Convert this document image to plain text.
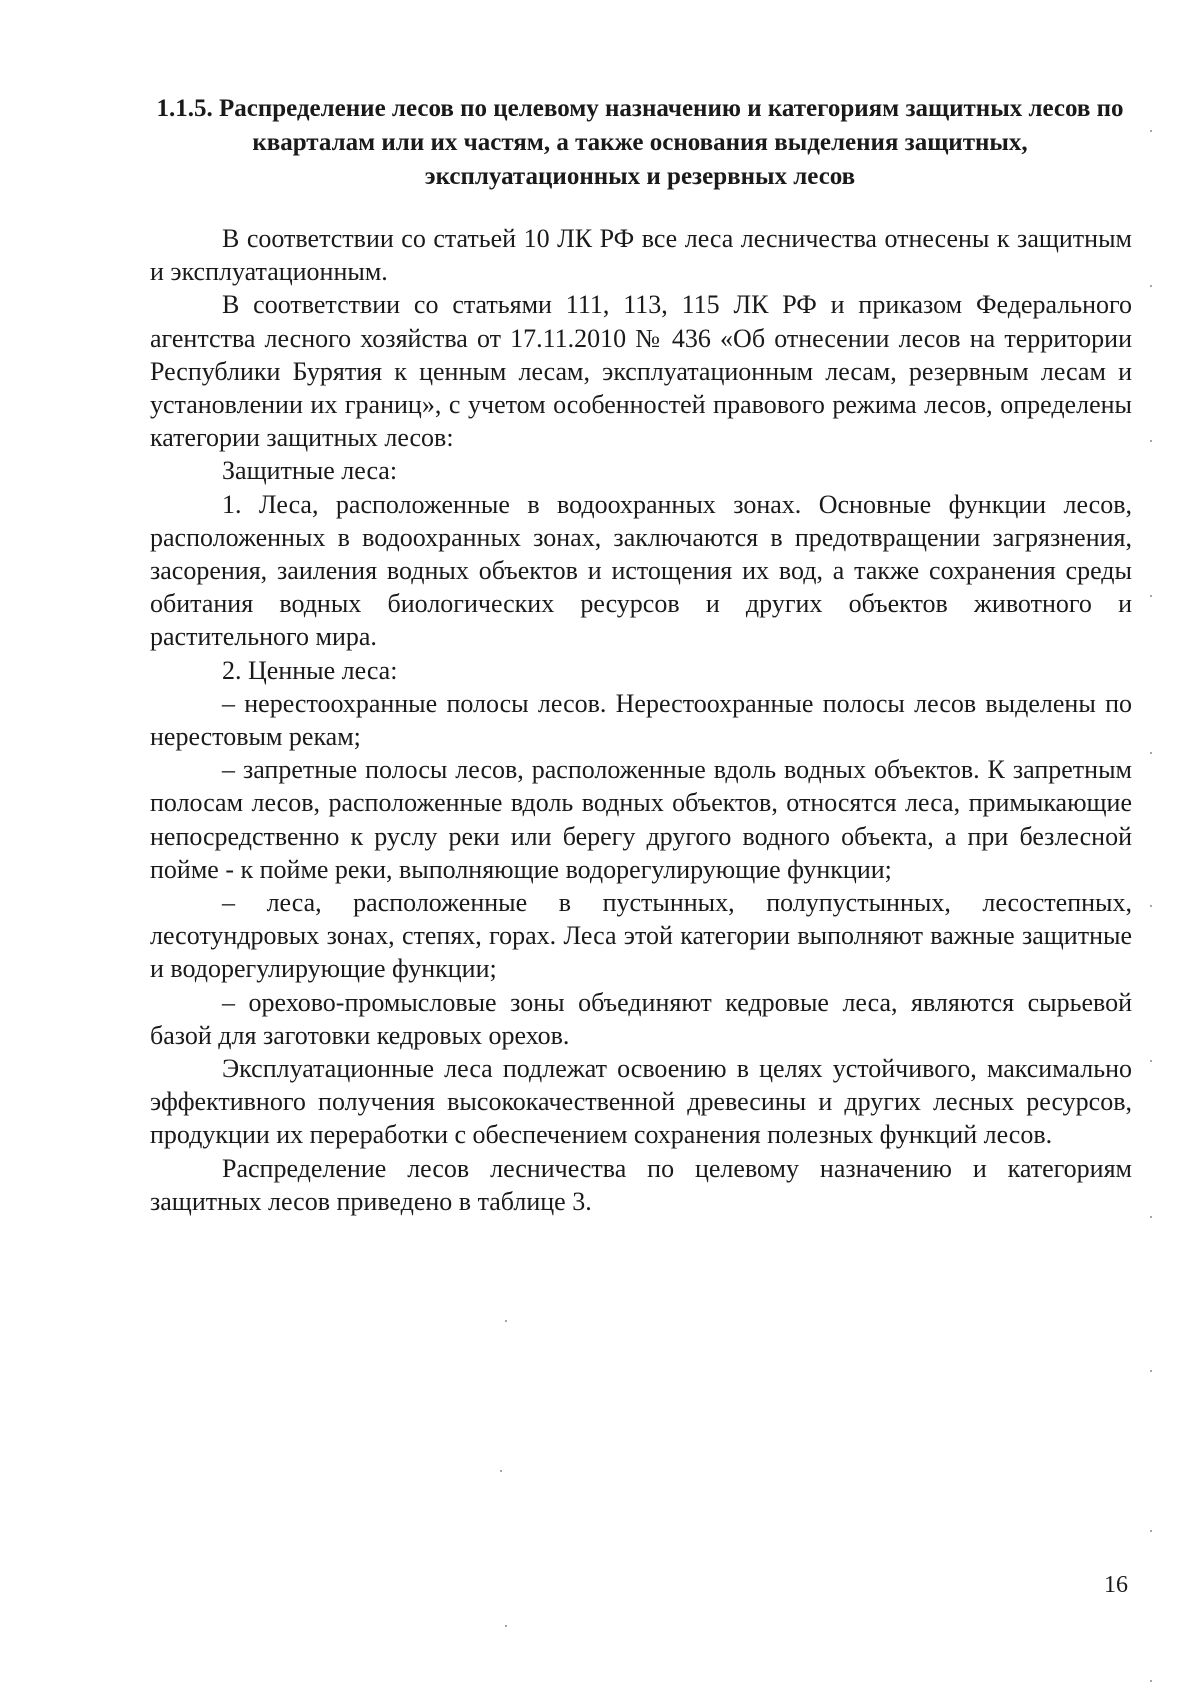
1.1.5. Распределение лесов по целевому назначению и категориям защитных лесов по кварталам или их частям, а также основания выделения защитных, эксплуатационных и резервных лесов

В соответствии со статьей 10 ЛК РФ все леса лесничества отнесены к защитным и эксплуатационным.

В соответствии со статьями 111, 113, 115 ЛК РФ и приказом Федерального агентства лесного хозяйства от 17.11.2010 № 436 «Об отнесении лесов на территории Республики Бурятия к ценным лесам, эксплуатационным лесам, резервным лесам и установлении их границ», с учетом особенностей правового режима лесов, определены категории защитных лесов:

Защитные леса:

1. Леса, расположенные в водоохранных зонах. Основные функции лесов, расположенных в водоохранных зонах, заключаются в предотвращении загрязнения, засорения, заиления водных объектов и истощения их вод, а также сохранения среды обитания водных биологических ресурсов и других объектов животного и растительного мира.

2. Ценные леса:

– нерестоохранные полосы лесов. Нерестоохранные полосы лесов выделены по нерестовым рекам;

– запретные полосы лесов, расположенные вдоль водных объектов. К запретным полосам лесов, расположенные вдоль водных объектов, относятся леса, примыкающие непосредственно к руслу реки или берегу другого водного объекта, а при безлесной пойме - к пойме реки, выполняющие водорегулирующие функции;

– леса, расположенные в пустынных, полупустынных, лесостепных, лесотундровых зонах, степях, горах. Леса этой категории выполняют важные защитные и водорегулирующие функции;

– орехово-промысловые зоны объединяют кедровые леса, являются сырьевой базой для заготовки кедровых орехов.

Эксплуатационные леса подлежат освоению в целях устойчивого, максимально эффективного получения высококачественной древесины и других лесных ресурсов, продукции их переработки с обеспечением сохранения полезных функций лесов.

Распределение лесов лесничества по целевому назначению и категориям защитных лесов приведено в таблице 3.

16
